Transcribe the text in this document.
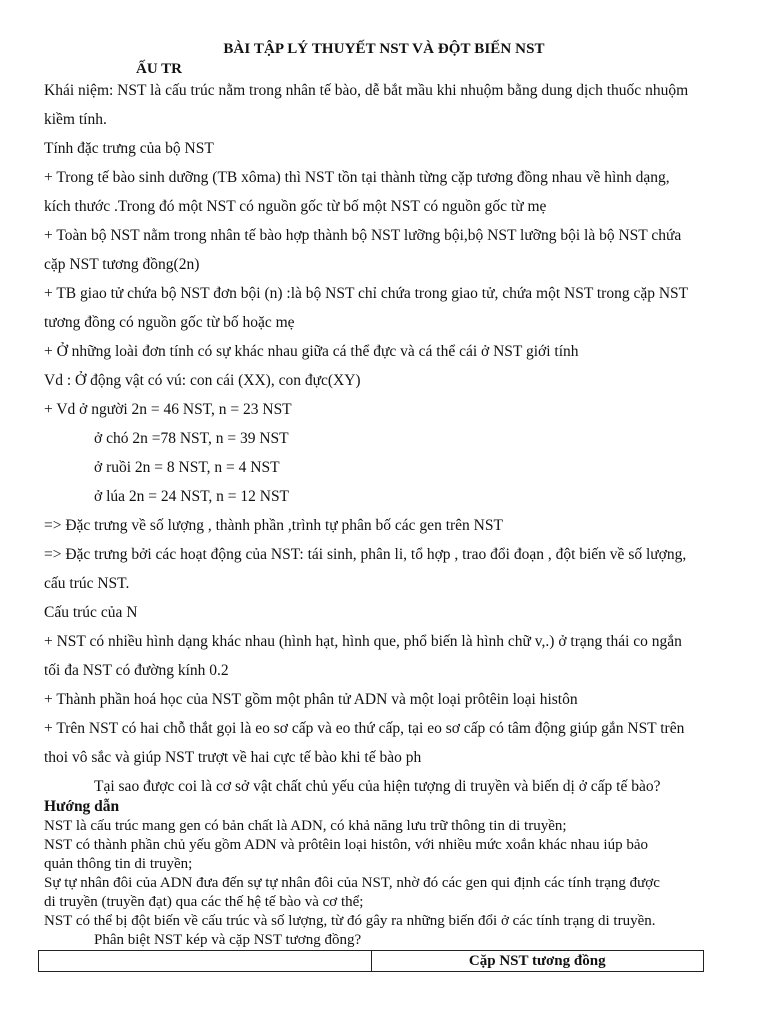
BÀI TẬP LÝ THUYẾT NST VÀ ĐỘT BIẾN NST
ẤU TR
Khái niệm: NST là cấu trúc nằm trong nhân tế bào, dễ bắt mầu khi nhuộm bằng dung dịch thuốc nhuộm
kiềm tính.
Tính đặc trưng của bộ NST
+ Trong tế bào sinh dưỡng (TB xôma) thì NST tồn tại thành từng cặp tương đồng nhau về hình dạng,
kích thước .Trong đó một NST có nguồn gốc từ bố một NST có nguồn gốc từ mẹ
+ Toàn bộ NST nằm trong nhân tế bào hợp thành bộ NST lưỡng bội,bộ NST lưỡng bội là bộ NST chứa
cặp NST tương đồng(2n)
+ TB giao tử chứa bộ NST đơn bội (n) :là bộ NST chỉ chứa trong giao tử, chứa một NST trong cặp NST
tương đồng có nguồn gốc từ bố hoặc mẹ
+ Ở những loài đơn tính có sự khác nhau giữa cá thể đực và cá thể cái ở NST giới tính
Vd : Ở động vật có vú: con cái (XX), con đực(XY)
+ Vd ở người 2n = 46 NST, n = 23 NST
ở chó 2n =78 NST, n = 39 NST
ở ruồi 2n = 8 NST, n = 4 NST
ở lúa 2n = 24 NST, n = 12 NST
=> Đặc trưng về số lượng , thành phần ,trình tự phân bố các gen trên NST
=> Đặc trưng bởi các hoạt động của NST: tái sinh, phân li, tổ hợp , trao đổi đoạn , đột biến về số lượng,
cấu trúc NST.
Cấu trúc của N
+ NST có nhiều hình dạng khác nhau (hình hạt, hình que, phổ biến là hình chữ v,.) ở trạng thái co ngắn
tối đa NST có đường kính 0.2
+ Thành phần hoá học của NST gồm một phân tử ADN và một loại prôtêin loại histôn
+ Trên NST có hai chỗ thắt gọi là eo sơ cấp và eo thứ cấp, tại eo sơ cấp có tâm động giúp gắn NST trên
thoi vô sắc và giúp NST trượt về hai cực tế bào khi tế bào ph
Tại sao được coi là cơ sở vật chất chủ yếu của hiện tượng di truyền và biến dị ở cấp tế bào?
Hướng dẫn
NST là cấu trúc mang gen có bản chất là ADN, có khả năng lưu trữ thông tin di truyền;
NST có thành phần chủ yếu gồm ADN và prôtêin loại histôn, với nhiều mức xoắn khác nhau iúp bảo
quản thông tin di truyền;
Sự tự nhân đôi của ADN đưa đến sự tự nhân đôi của NST, nhờ đó các gen qui định các tính trạng được
di truyền (truyền đạt) qua các thế hệ tế bào và cơ thể;
NST có thể bị đột biến về cấu trúc và số lượng, từ đó gây ra những biến đổi ở các tính trạng di truyền.
Phân biệt NST kép và cặp NST tương đồng?
Cặp NST tương đồng
